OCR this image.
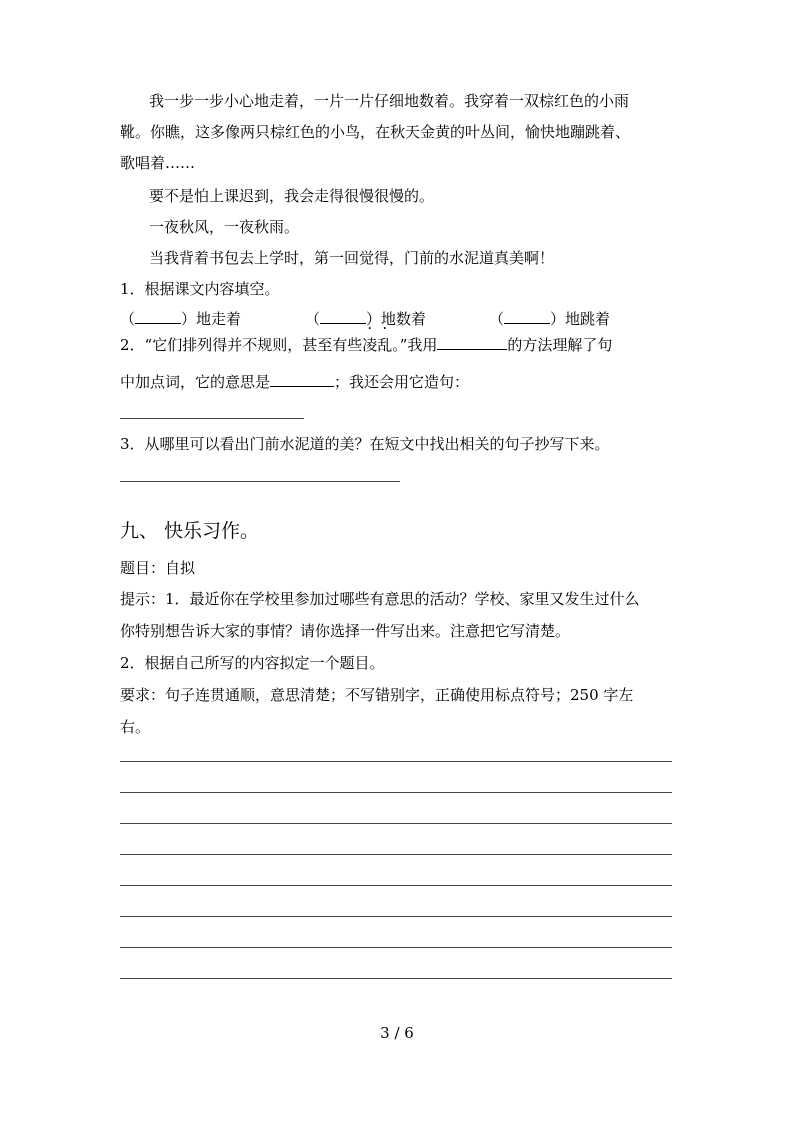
我一步一步小心地走着，一片一片仔细地数着。我穿着一双棕红色的小雨
靴。你瞧，这多像两只棕红色的小鸟，在秋天金黄的叶丛间，愉快地蹦跳着、
歌唱着……
要不是怕上课迟到，我会走得很慢很慢的。
一夜秋风，一夜秋雨。
当我背着书包去上学时，第一回觉得，门前的水泥道真美啊！
1．根据课文内容填空。
（	）地走着	（	）地数着	（	）地跳着
2．“它们排列得并不规则，甚至有些凌乱。”我用	的方法理解了句
中加点词，它的意思是	；我还会用它造句：
3．从哪里可以看出门前水泥道的美？在短文中找出相关的句子抄写下来。
九、 快乐习作。
题目：自拟
提示：1．最近你在学校里参加过哪些有意思的活动？学校、家里又发生过什么
你特别想告诉大家的事情？请你选择一件写出来。注意把它写清楚。
2．根据自己所写的内容拟定一个题目。
要求：句子连贯通顺，意思清楚；不写错别字，正确使用标点符号；250 字左
右。
3 / 6
